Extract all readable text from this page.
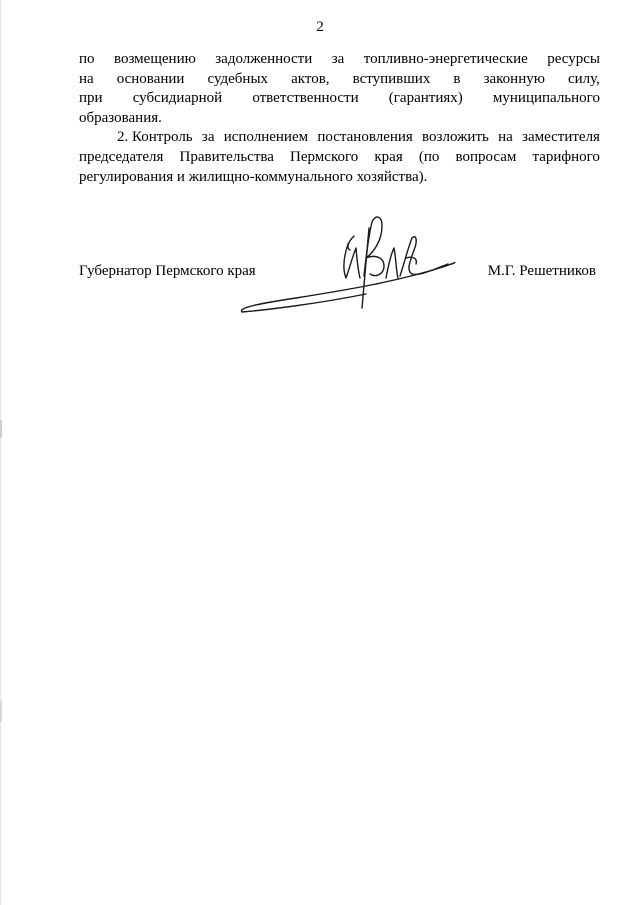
2
по возмещению задолженности за топливно-энергетические ресурсы
на основании судебных актов, вступивших в законную силу,
при субсидиарной ответственности (гарантиях) муниципального
образования.
2. Контроль за исполнением постановления возложить на заместителя
председателя Правительства Пермского края (по вопросам тарифного
регулирования и жилищно-коммунального хозяйства).
Губернатор Пермского края	М.Г. Решетников
